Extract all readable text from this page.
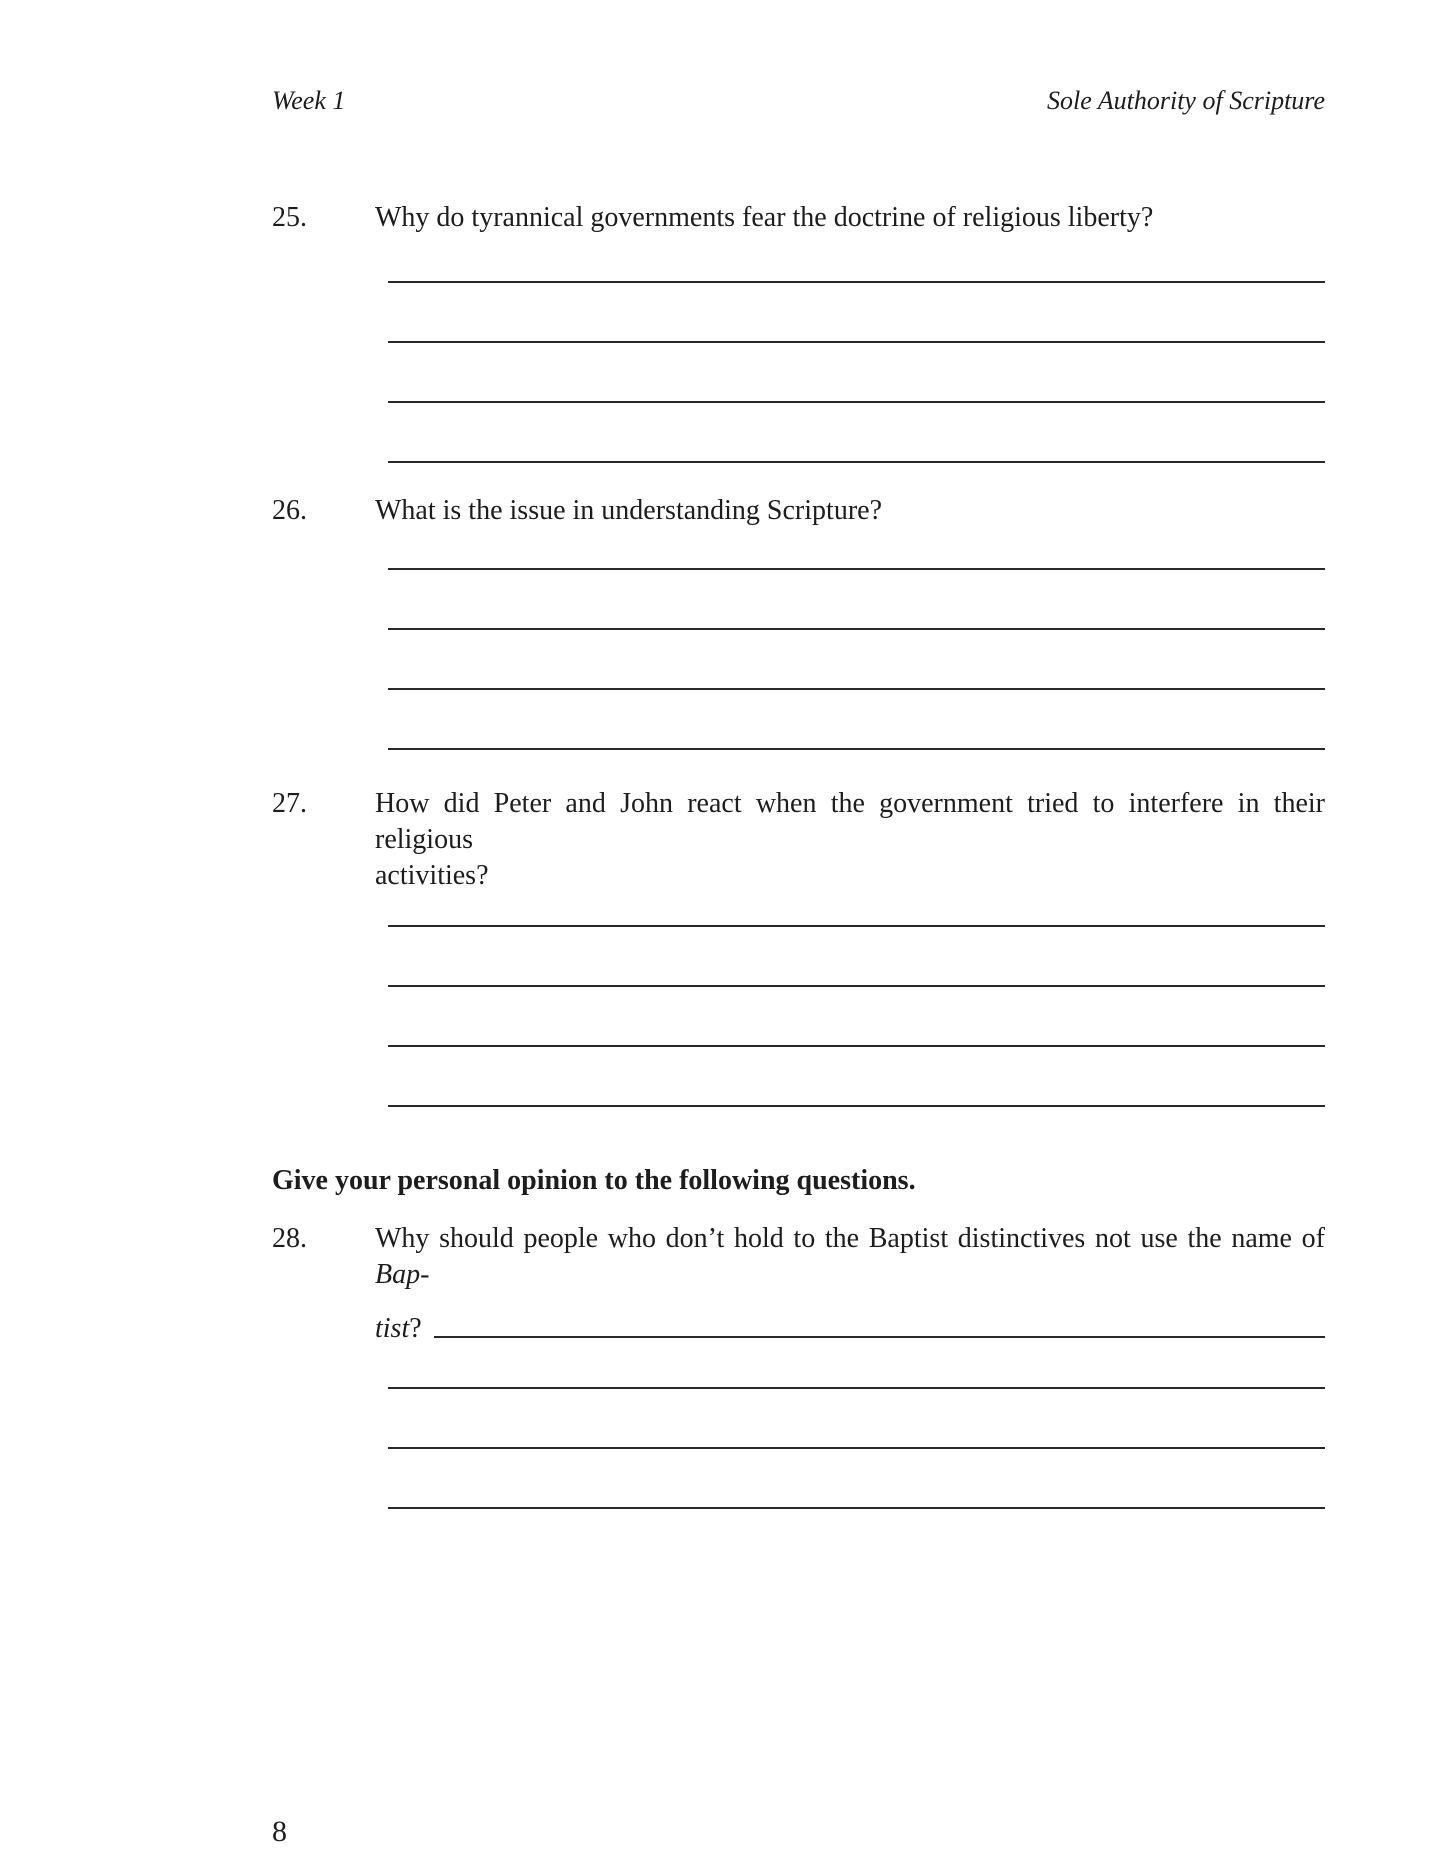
Week 1	Sole Authority of Scripture
25.	Why do tyrannical governments fear the doctrine of religious liberty?
26.	What is the issue in understanding Scripture?
27.	How did Peter and John react when the government tried to interfere in their religious
activities?
Give your personal opinion to the following questions.
28.	Why should people who don’t hold to the Baptist distinctives not use the name of Bap-
tist?
8
